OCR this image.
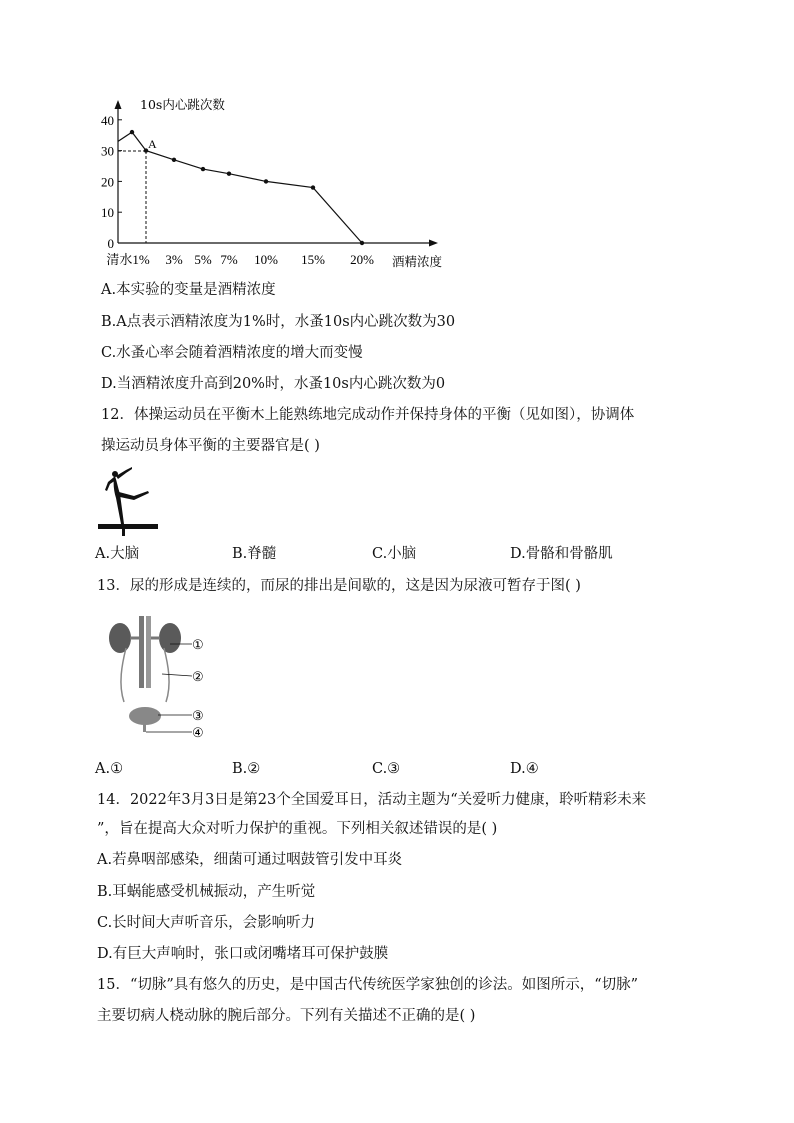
10s内心跳次数
40
30
20
10
0
清水1% 3% 5% 7% 10% 15% 20% 酒精浓度
A
A.本实验的变量是酒精浓度
B.A点表示酒精浓度为1%时，水蚤10s内心跳次数为30
C.水蚤心率会随着酒精浓度的增大而变慢
D.当酒精浓度升高到20%时，水蚤10s内心跳次数为0
12．体操运动员在平衡木上能熟练地完成动作并保持身体的平衡（见如图），协调体
操运动员身体平衡的主要器官是( )
A.大脑	B.脊髓	C.小脑	D.骨骼和骨骼肌
13．尿的形成是连续的，而尿的排出是间歇的，这是因为尿液可暂存于图( )
①
②
③
④
A.①	B.②	C.③	D.④
14．2022年3月3日是第23个全国爱耳日，活动主题为“关爱听力健康，聆听精彩未来
”，旨在提高大众对听力保护的重视。下列相关叙述错误的是( )
A.若鼻咽部感染，细菌可通过咽鼓管引发中耳炎
B.耳蜗能感受机械振动，产生听觉
C.长时间大声听音乐，会影响听力
D.有巨大声响时，张口或闭嘴堵耳可保护鼓膜
15．“切脉”具有悠久的历史，是中国古代传统医学家独创的诊法。如图所示，“切脉”
主要切病人桡动脉的腕后部分。下列有关描述不正确的是( )
